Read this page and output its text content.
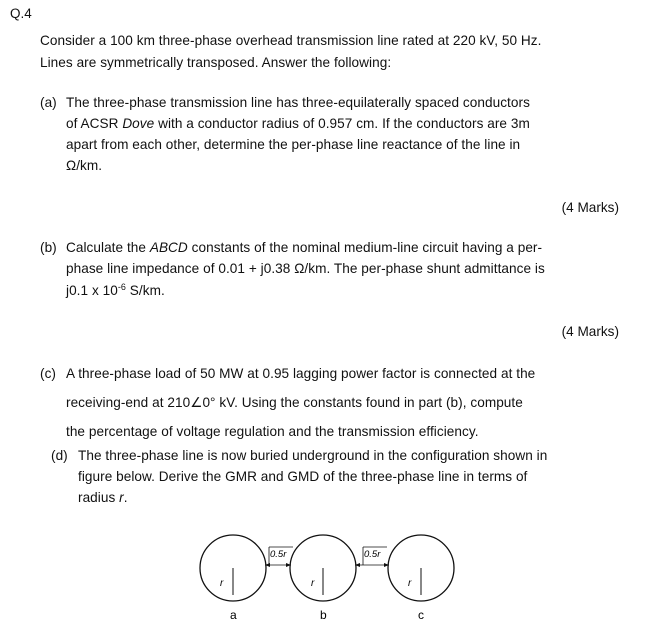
Q.4
Consider a 100 km three-phase overhead transmission line rated at 220 kV, 50 Hz.
Lines are symmetrically transposed. Answer the following:
(a) The three-phase transmission line has three-equilaterally spaced conductors
of ACSR Dove with a conductor radius of 0.957 cm. If the conductors are 3m
apart from each other, determine the per-phase line reactance of the line in
Ω/km.
(4 Marks)
(b) Calculate the ABCD constants of the nominal medium-line circuit having a per-
phase line impedance of 0.01 + j0.38 Ω/km. The per-phase shunt admittance is
j0.1 x $10^{-6}$ S/km.
(4 Marks)
(c) A three-phase load of 50 MW at 0.95 lagging power factor is connected at the
receiving-end at 210∠0° kV. Using the constants found in part (b), compute
the percentage of voltage regulation and the transmission efficiency.
(d) The three-phase line is now buried underground in the configuration shown in
figure below. Derive the GMR and GMD of the three-phase line in terms of
radius r.
r
a
r
b
r
c
0.5r	0.5r
